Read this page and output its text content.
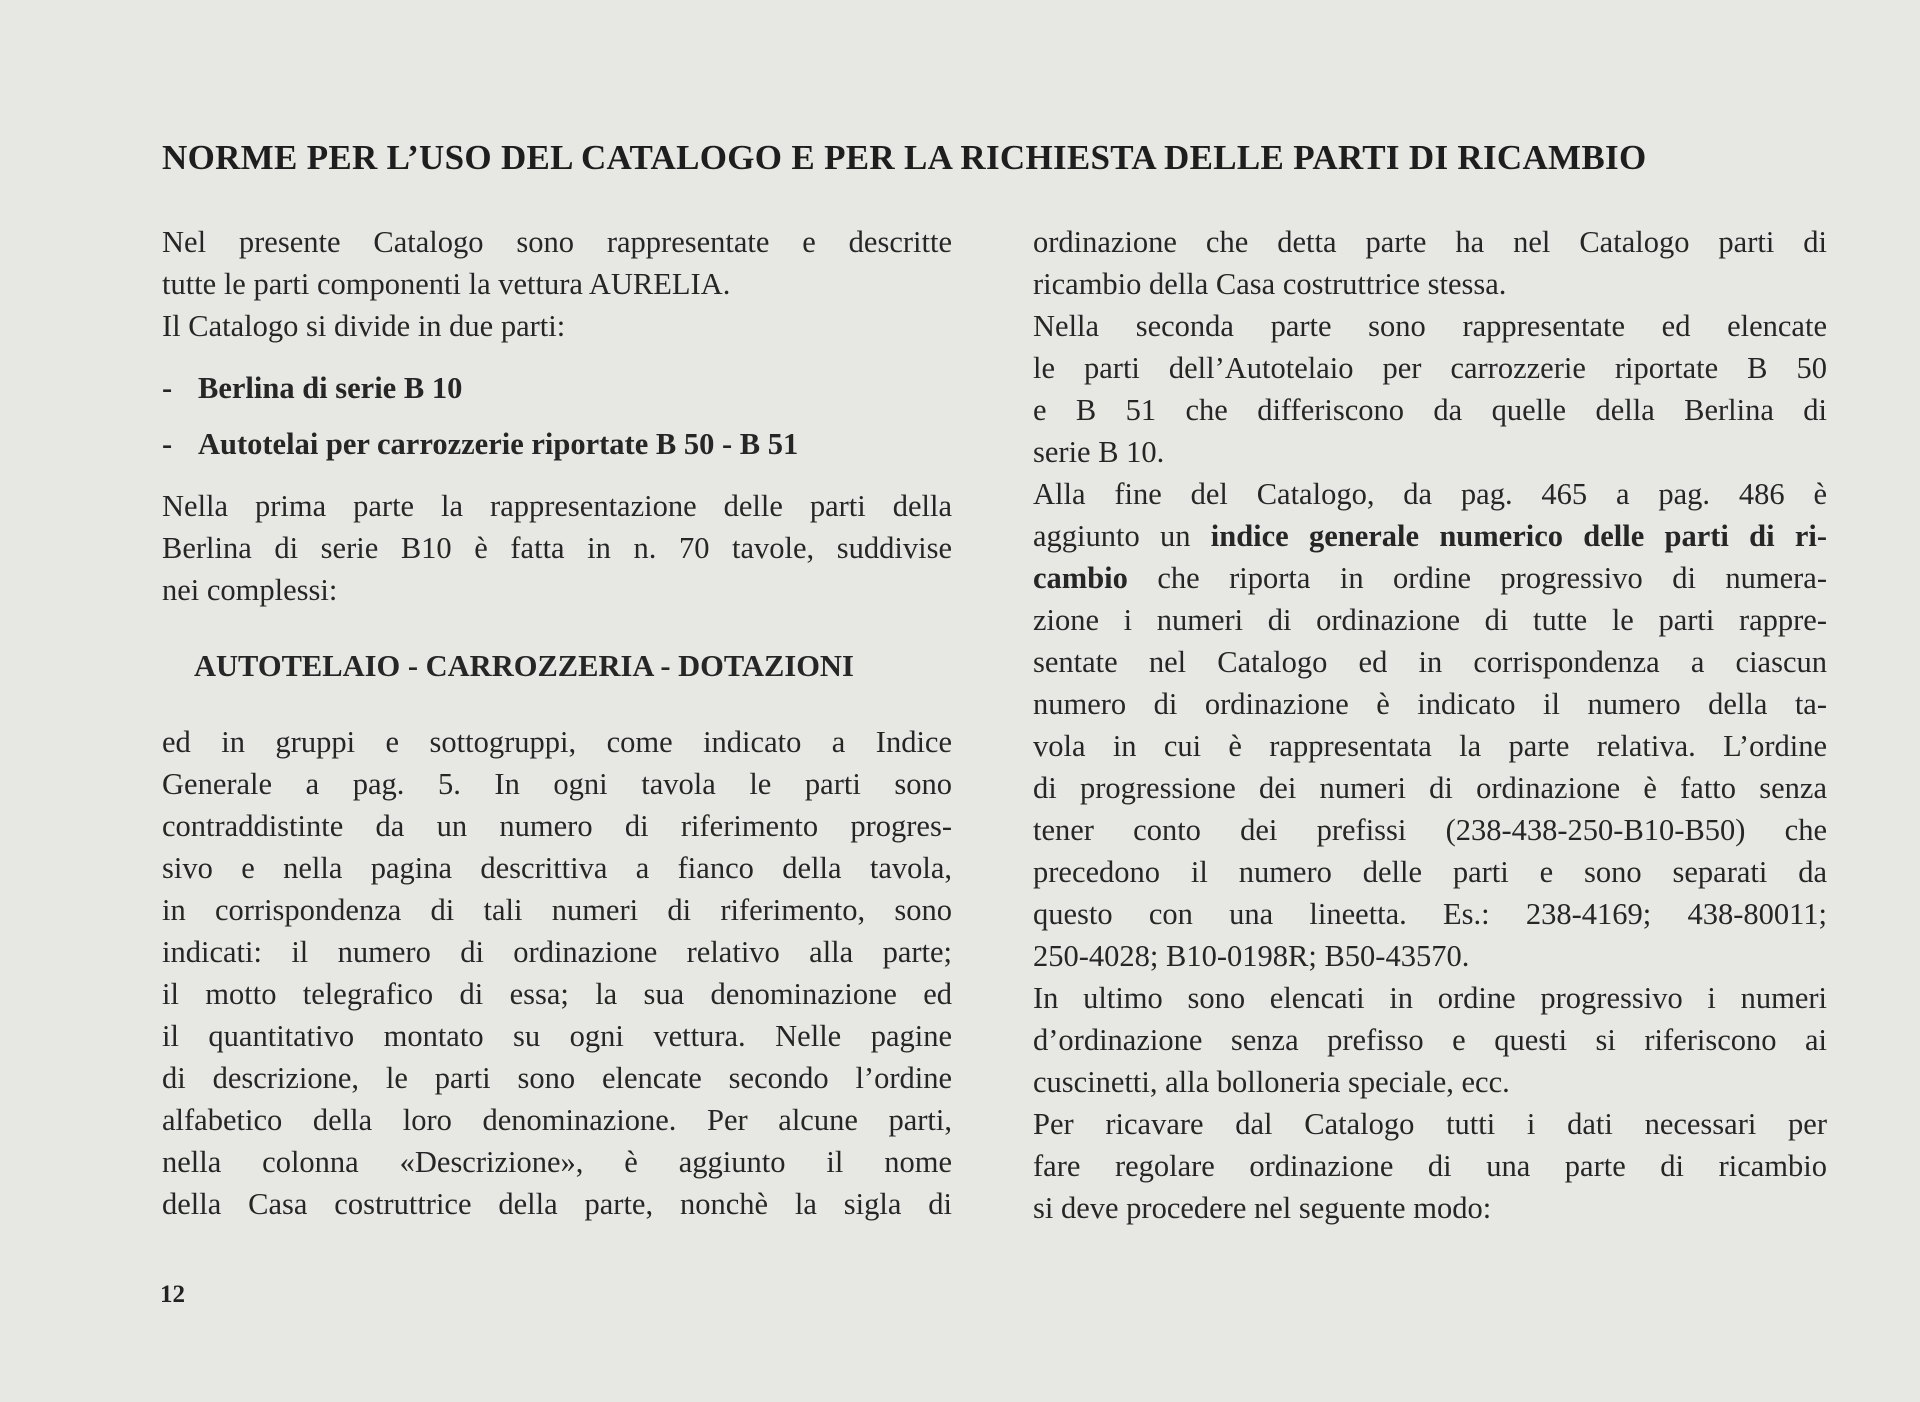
NORME PER L’USO DEL CATALOGO E PER LA RICHIESTA DELLE PARTI DI RICAMBIO
Nel presente Catalogo sono rappresentate e descritte
tutte le parti componenti la vettura AURELIA.
Il Catalogo si divide in due parti:
- Berlina di serie B 10
- Autotelai per carrozzerie riportate B 50 - B 51
Nella prima parte la rappresentazione delle parti della
Berlina di serie B10 è fatta in n. 70 tavole, suddivise
nei complessi:
AUTOTELAIO - CARROZZERIA - DOTAZIONI
ed in gruppi e sottogruppi, come indicato a Indice
Generale a pag. 5. In ogni tavola le parti sono
contraddistinte da un numero di riferimento progres-
sivo e nella pagina descrittiva a fianco della tavola,
in corrispondenza di tali numeri di riferimento, sono
indicati: il numero di ordinazione relativo alla parte;
il motto telegrafico di essa; la sua denominazione ed
il quantitativo montato su ogni vettura. Nelle pagine
di descrizione, le parti sono elencate secondo l’ordine
alfabetico della loro denominazione. Per alcune parti,
nella colonna «Descrizione», è aggiunto il nome
della Casa costruttrice della parte, nonchè la sigla di
ordinazione che detta parte ha nel Catalogo parti di
ricambio della Casa costruttrice stessa.
Nella seconda parte sono rappresentate ed elencate
le parti dell’Autotelaio per carrozzerie riportate B 50
e B 51 che differiscono da quelle della Berlina di
serie B 10.
Alla fine del Catalogo, da pag. 465 a pag. 486 è
aggiunto un indice generale numerico delle parti di ri-
cambio che riporta in ordine progressivo di numera-
zione i numeri di ordinazione di tutte le parti rappre-
sentate nel Catalogo ed in corrispondenza a ciascun
numero di ordinazione è indicato il numero della ta-
vola in cui è rappresentata la parte relativa. L’ordine
di progressione dei numeri di ordinazione è fatto senza
tener conto dei prefissi (238-438-250-B10-B50) che
precedono il numero delle parti e sono separati da
questo con una lineetta. Es.: 238-4169; 438-80011;
250-4028; B10-0198R; B50-43570.
In ultimo sono elencati in ordine progressivo i numeri
d’ordinazione senza prefisso e questi si riferiscono ai
cuscinetti, alla bolloneria speciale, ecc.
Per ricavare dal Catalogo tutti i dati necessari per
fare regolare ordinazione di una parte di ricambio
si deve procedere nel seguente modo:
12
